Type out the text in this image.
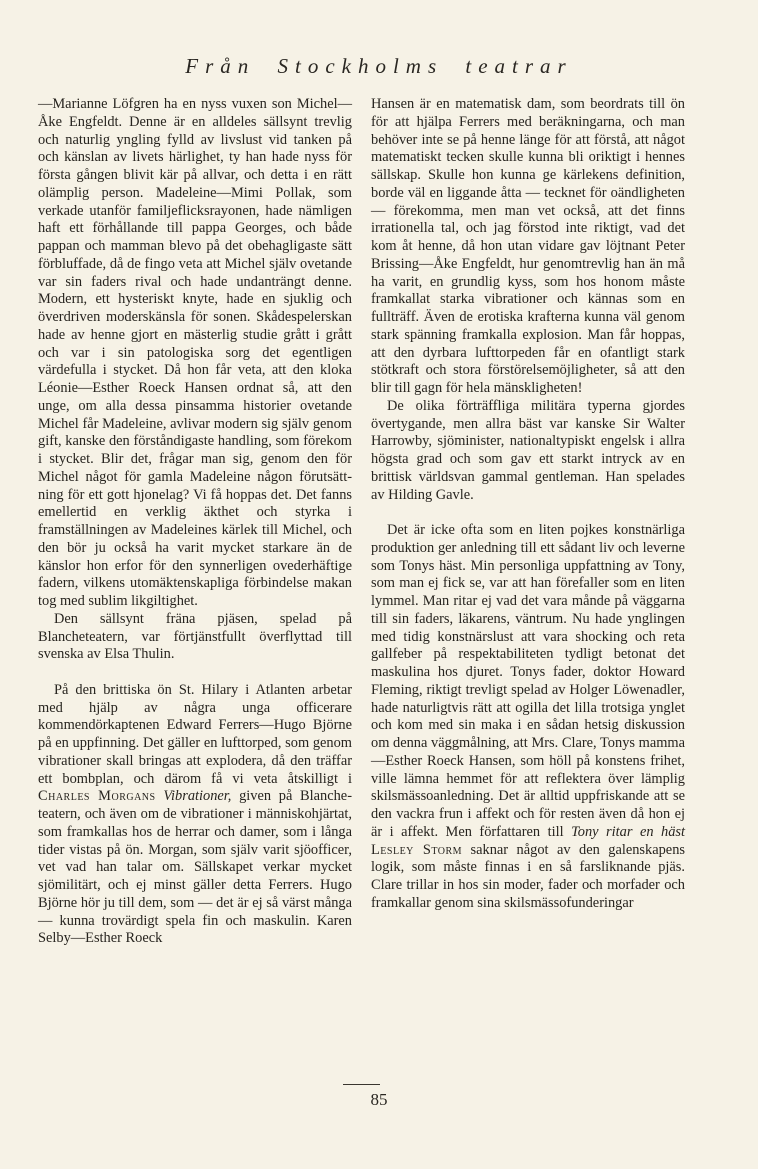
Från Stockholms teatrar

—Marianne Löfgren ha en nyss vuxen son Michel—Åke Engfeldt. Denne är en alldeles sällsynt trevlig och naturlig yngling fylld av livslust vid tanken på och känslan av livets härlighet, ty han hade nyss för första gången blivit kär på allvar, och detta i en rätt olämplig person. Madeleine—Mimi Pollak, som verkade utanför familjeflicksrayonen, hade nämligen haft ett förhållande till pappa Georges, och både pappan och mamman blevo på det obehagligaste sätt förbluffade, då de fingo veta att Michel själv ovetande var sin faders rival och hade undanträngt denne. Modern, ett hysteriskt knyte, hade en sjuklig och överdriven moderskänsla för sonen. Skådespelerskan hade av henne gjort en mästerlig studie grått i grått och var i sin patologiska sorg det egentligen värdefulla i stycket. Då hon får veta, att den kloka Léonie—Esther Roeck Hansen ordnat så, att den unge, om alla dessa pinsamma historier ovetande Michel får Madeleine, avlivar modern sig själv genom gift, kanske den förståndigaste handling, som förekom i stycket. Blir det, frågar man sig, genom den för Michel något för gamla Madeleine någon förutsättning för ett gott hjonelag? Vi få hoppas det. Det fanns emellertid en verklig äkthet och styrka i framställningen av Madeleines kärlek till Michel, och den bör ju också ha varit mycket starkare än de känslor hon erfor för den synnerligen ovederhäftige fadern, vilkens utomäktenskapliga förbindelse makan tog med sublim likgiltighet.

Den sällsynt fräna pjäsen, spelad på Blancheteatern, var förtjänstfullt överflyttad till svenska av Elsa Thulin.

På den brittiska ön St. Hilary i Atlanten arbetar med hjälp av några unga officerare kommendörkaptenen Edward Ferrers—Hugo Björne på en uppfinning. Det gäller en lufttorped, som genom vibrationer skall bringas att explodera, då den träffar ett bombplan, och därom få vi veta åtskilligt i Charles Morgans Vibrationer, given på Blancheteatern, och även om de vibrationer i människohjärtat, som framkallas hos de herrar och damer, som i långa tider vistas på ön. Morgan, som själv varit sjöofficer, vet vad han talar om. Sällskapet verkar mycket sjömilitärt, och ej minst gäller detta Ferrers. Hugo Björne hör ju till dem, som — det är ej så värst många — kunna trovärdigt spela fin och maskulin. Karen Selby—Esther Roeck

Hansen är en matematisk dam, som beordrats till ön för att hjälpa Ferrers med beräkningarna, och man behöver inte se på henne länge för att förstå, att något matematiskt tecken skulle kunna bli oriktigt i hennes sällskap. Skulle hon kunna ge kärlekens definition, borde väl en liggande åtta — tecknet för oändligheten — förekomma, men man vet också, att det finns irrationella tal, och jag förstod inte riktigt, vad det kom åt henne, då hon utan vidare gav löjtnant Peter Brissing—Åke Engfeldt, hur genomtrevlig han än må ha varit, en grundlig kyss, som hos honom måste framkallat starka vibrationer och kännas som en fullträff. Även de erotiska krafterna kunna väl genom stark spänning framkalla explosion. Man får hoppas, att den dyrbara lufttorpeden får en ofantligt stark stötkraft och stora förstörelsemöjligheter, så att den blir till gagn för hela mänskligheten!

De olika förträffliga militära typerna gjordes övertygande, men allra bäst var kanske Sir Walter Harrowby, sjöminister, nationaltypiskt engelsk i allra högsta grad och som gav ett starkt intryck av en brittisk världsvan gammal gentleman. Han spelades av Hilding Gavle.

Det är icke ofta som en liten pojkes konstnärliga produktion ger anledning till ett sådant liv och leverne som Tonys häst. Min personliga uppfattning av Tony, som man ej fick se, var att han förefaller som en liten lymmel. Man ritar ej vad det vara månde på väggarna till sin faders, läkarens, väntrum. Nu hade ynglingen med tidig konstnärslust att vara shocking och reta gallfeber på respektabiliteten tydligt betonat det maskulina hos djuret. Tonys fader, doktor Howard Fleming, riktigt trevligt spelad av Holger Löwenadler, hade naturligtvis rätt att ogilla det lilla trotsiga ynglet och kom med sin maka i en sådan hetsig diskussion om denna väggmålning, att Mrs. Clare, Tonys mamma—Esther Roeck Hansen, som höll på konstens frihet, ville lämna hemmet för att reflektera över lämplig skilsmässoanledning. Det är alltid uppfriskande att se den vackra frun i affekt och för resten även då hon ej är i affekt. Men författaren till Tony ritar en häst Lesley Storm saknar något av den galenskapens logik, som måste finnas i en så farsliknande pjäs. Clare trillar in hos sin moder, fader och morfader och framkallar genom sina skilsmässofunderingar

85
